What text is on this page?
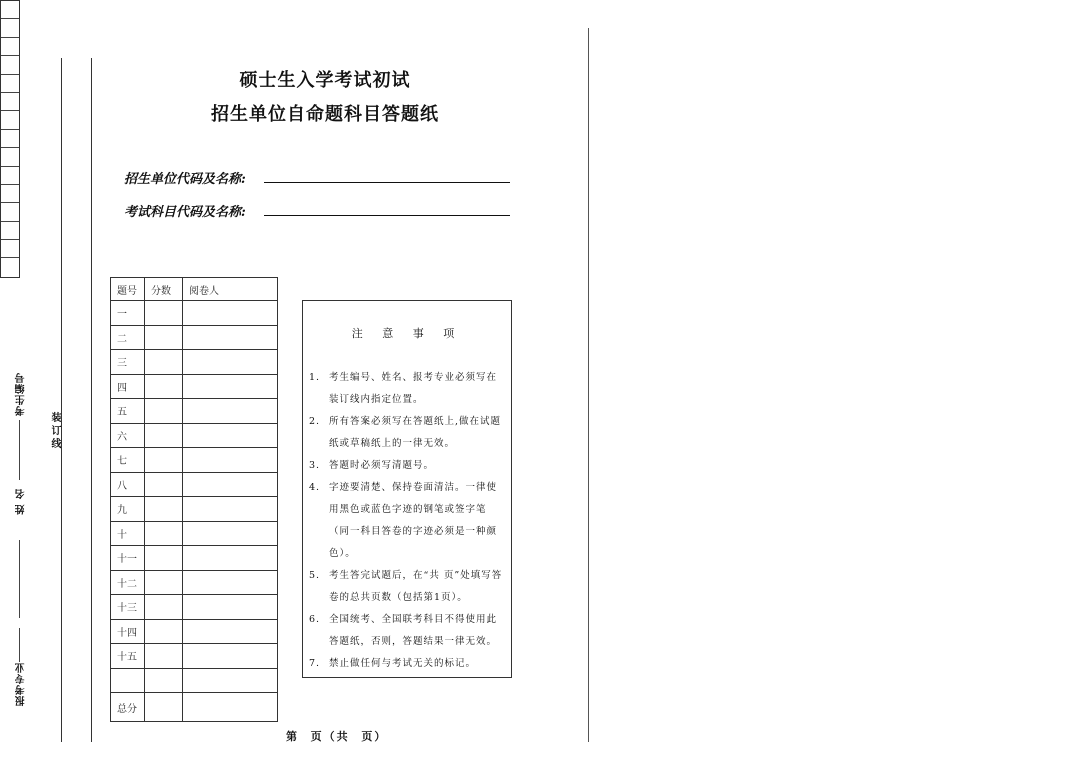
考生编号
姓 名
报考专业
装订线
硕士生入学考试初试
招生单位自命题科目答题纸
招生单位代码及名称:
考试科目代码及名称:
题号	分数	阅卷人
一		
二		
三		
四		
五		
六		
七		
八		
九		
十		
十一		
十二		
十三		
十四		
十五		

总分		
注 意 事 项
1. 考生编号、姓名、报考专业必须写在装订线内指定位置。
2. 所有答案必须写在答题纸上,做在试题纸或草稿纸上的一律无效。
3. 答题时必须写清题号。
4. 字迹要清楚、保持卷面清洁。一律使用黑色或蓝色字迹的钢笔或签字笔（同一科目答卷的字迹必须是一种颜色）。
5. 考生答完试题后，在“共 页”处填写答卷的总共页数（包括第1页）。
6. 全国统考、全国联考科目不得使用此答题纸，否则，答题结果一律无效。
7. 禁止做任何与考试无关的标记。
第  页（共  页）
